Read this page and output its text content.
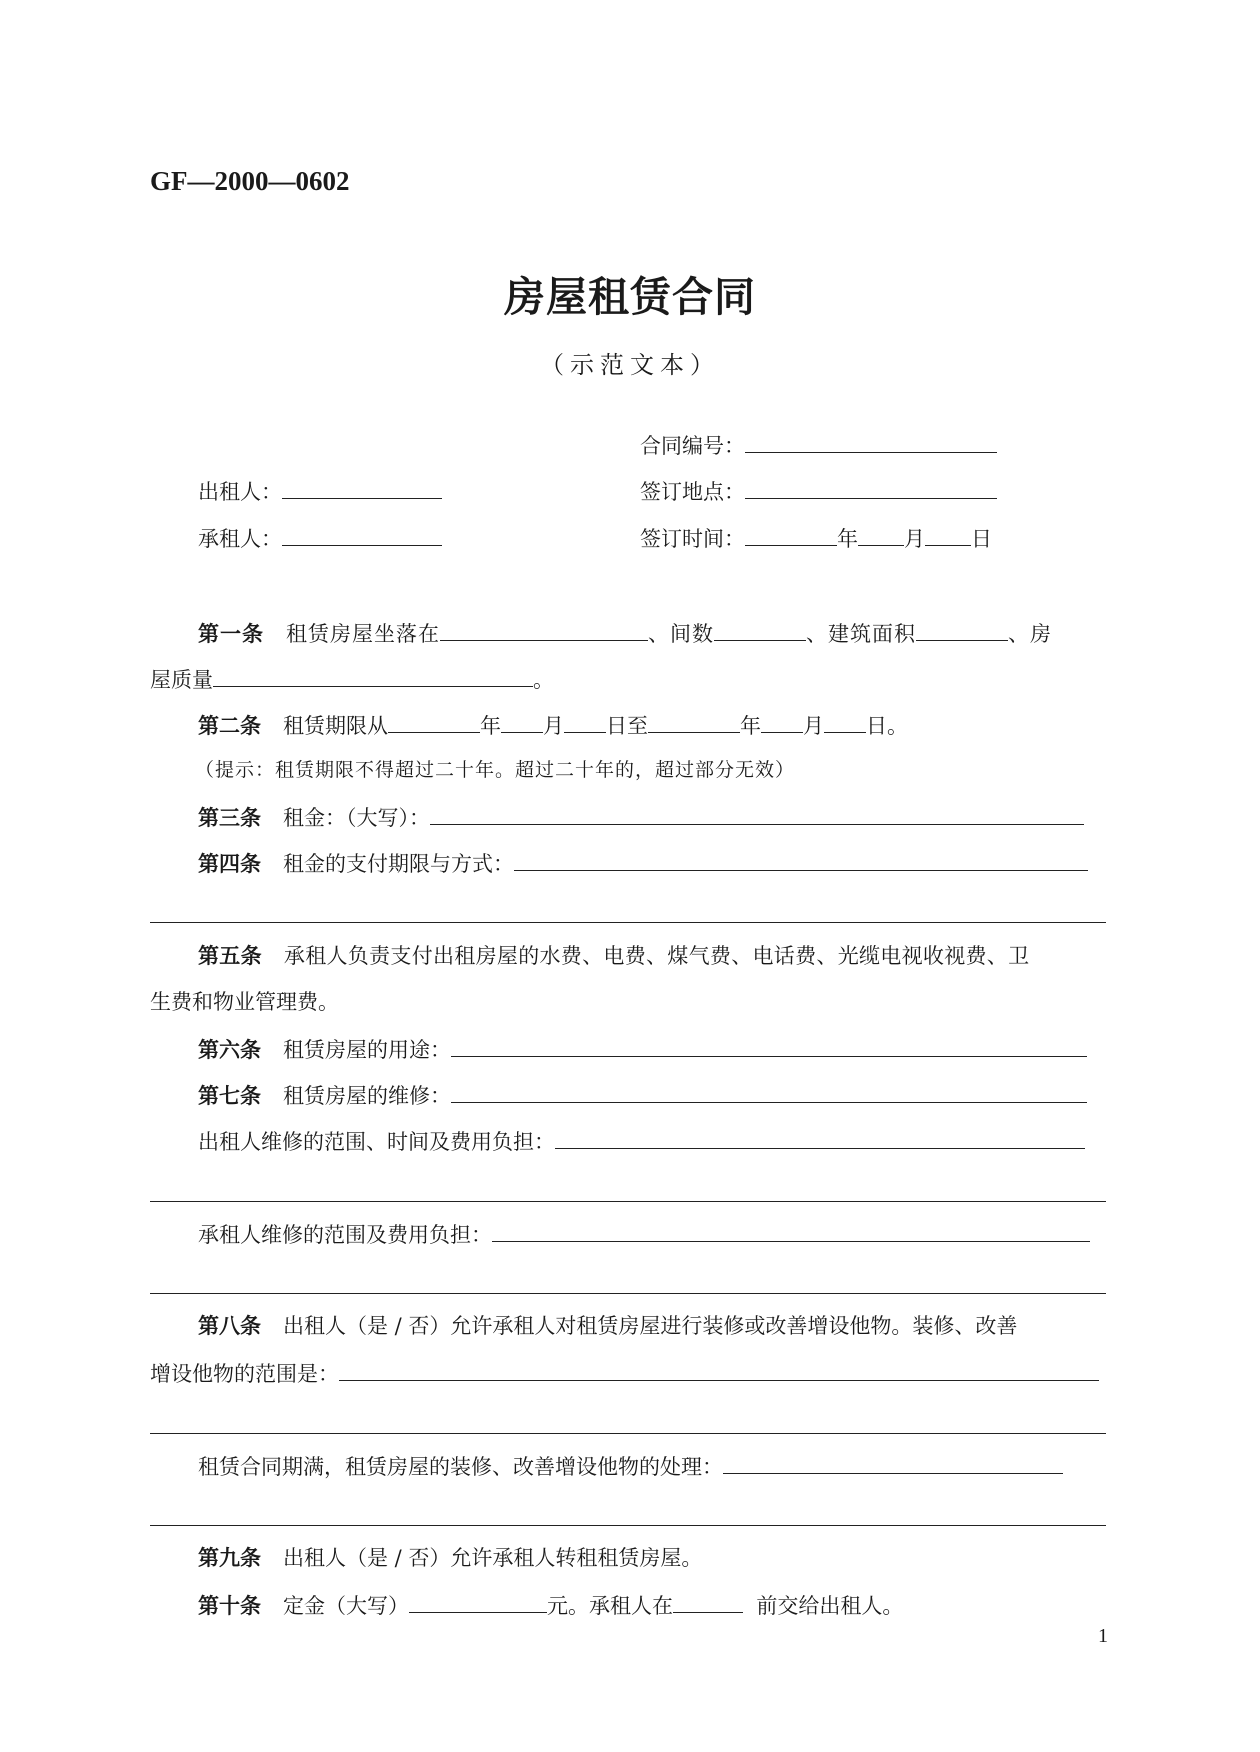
GF—2000—0602
房屋租赁合同
（示范文本）
合同编号：
出租人：	签订地点：
承租人：	签订时间：	年 月 日
第一条 租赁房屋坐落在	、间数	、建筑面积	、房
屋质量	。
第二条 租赁期限从	年 月 日至	年 月 日。
（提示：租赁期限不得超过二十年。超过二十年的，超过部分无效）
第三条 租金：（大写）：
第四条 租金的支付期限与方式：
第五条 承租人负责支付出租房屋的水费、电费、煤气费、电话费、光缆电视收视费、卫
生费和物业管理费。
第六条 租赁房屋的用途：
第七条 租赁房屋的维修：
出租人维修的范围、时间及费用负担：
承租人维修的范围及费用负担：
第八条 出租人（是 / 否）允许承租人对租赁房屋进行装修或改善增设他物。装修、改善
增设他物的范围是：
租赁合同期满，租赁房屋的装修、改善增设他物的处理：
第九条 出租人（是 / 否）允许承租人转租租赁房屋。
第十条 定金（大写）	元。承租人在	前交给出租人。
1
